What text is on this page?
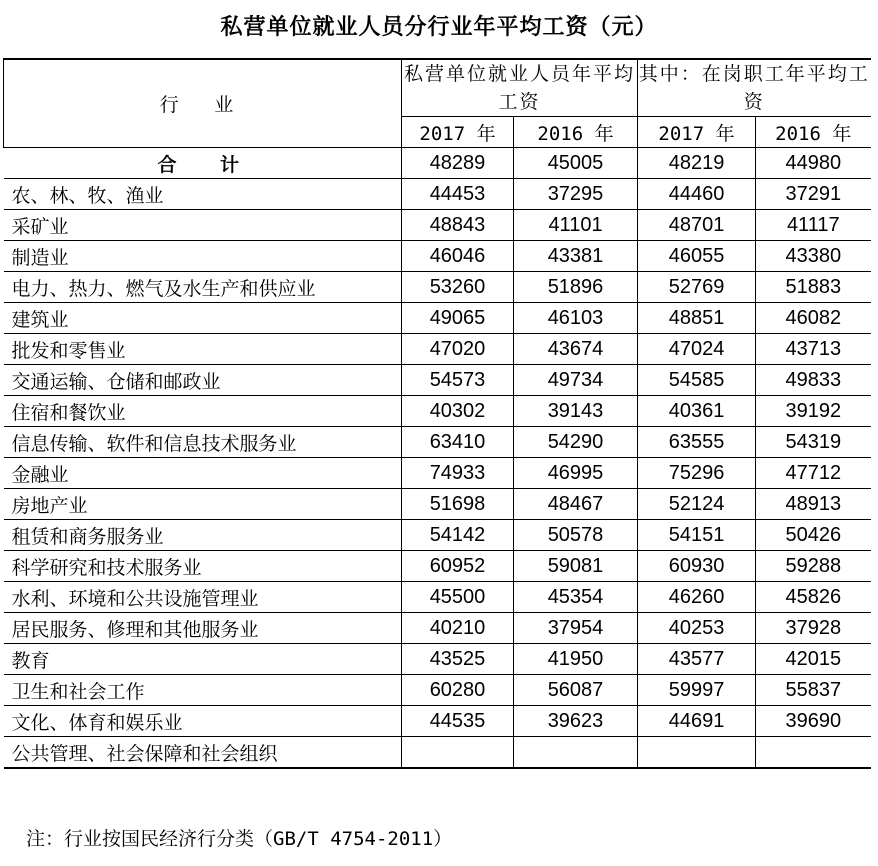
私营单位就业人员分行业年平均工资（元）
行 业	私营单位就业人员年平均工资		其中：在岗职工年平均工资	
	2017 年	2016 年	2017 年	2016 年
合 计	48289	45005	48219	44980
农、林、牧、渔业	44453	37295	44460	37291
采矿业	48843	41101	48701	41117
制造业	46046	43381	46055	43380
电力、热力、燃气及水生产和供应业	53260	51896	52769	51883
建筑业	49065	46103	48851	46082
批发和零售业	47020	43674	47024	43713
交通运输、仓储和邮政业	54573	49734	54585	49833
住宿和餐饮业	40302	39143	40361	39192
信息传输、软件和信息技术服务业	63410	54290	63555	54319
金融业	74933	46995	75296	47712
房地产业	51698	48467	52124	48913
租赁和商务服务业	54142	50578	54151	50426
科学研究和技术服务业	60952	59081	60930	59288
水利、环境和公共设施管理业	45500	45354	46260	45826
居民服务、修理和其他服务业	40210	37954	40253	37928
教育	43525	41950	43577	42015
卫生和社会工作	60280	56087	59997	55837
文化、体育和娱乐业	44535	39623	44691	39690
公共管理、社会保障和社会组织				
注：行业按国民经济行分类（GB/T 4754-2011）
